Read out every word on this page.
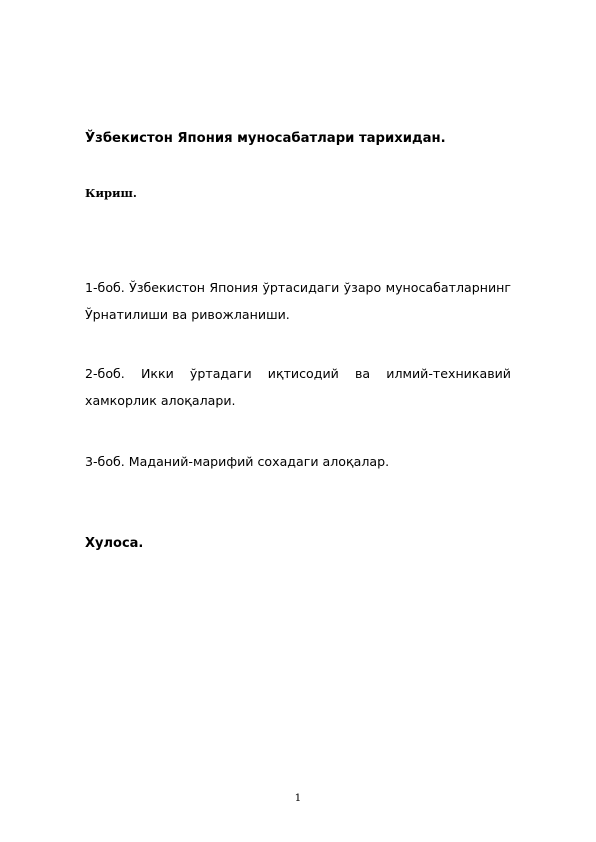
Ўзбекистон Япония муносабатлари тарихидан.

Кириш.

1-боб. Ўзбекистон Япония ўртасидаги ўзаро муносабатларнинг Ўрнатилиши ва ривожланиши.

2-боб. Икки ўртадаги иқтисодий ва илмий-техникавий хамкорлик алоқалари.

3-боб. Маданий-марифий сохадаги алоқалар.

Хулоса.

1
